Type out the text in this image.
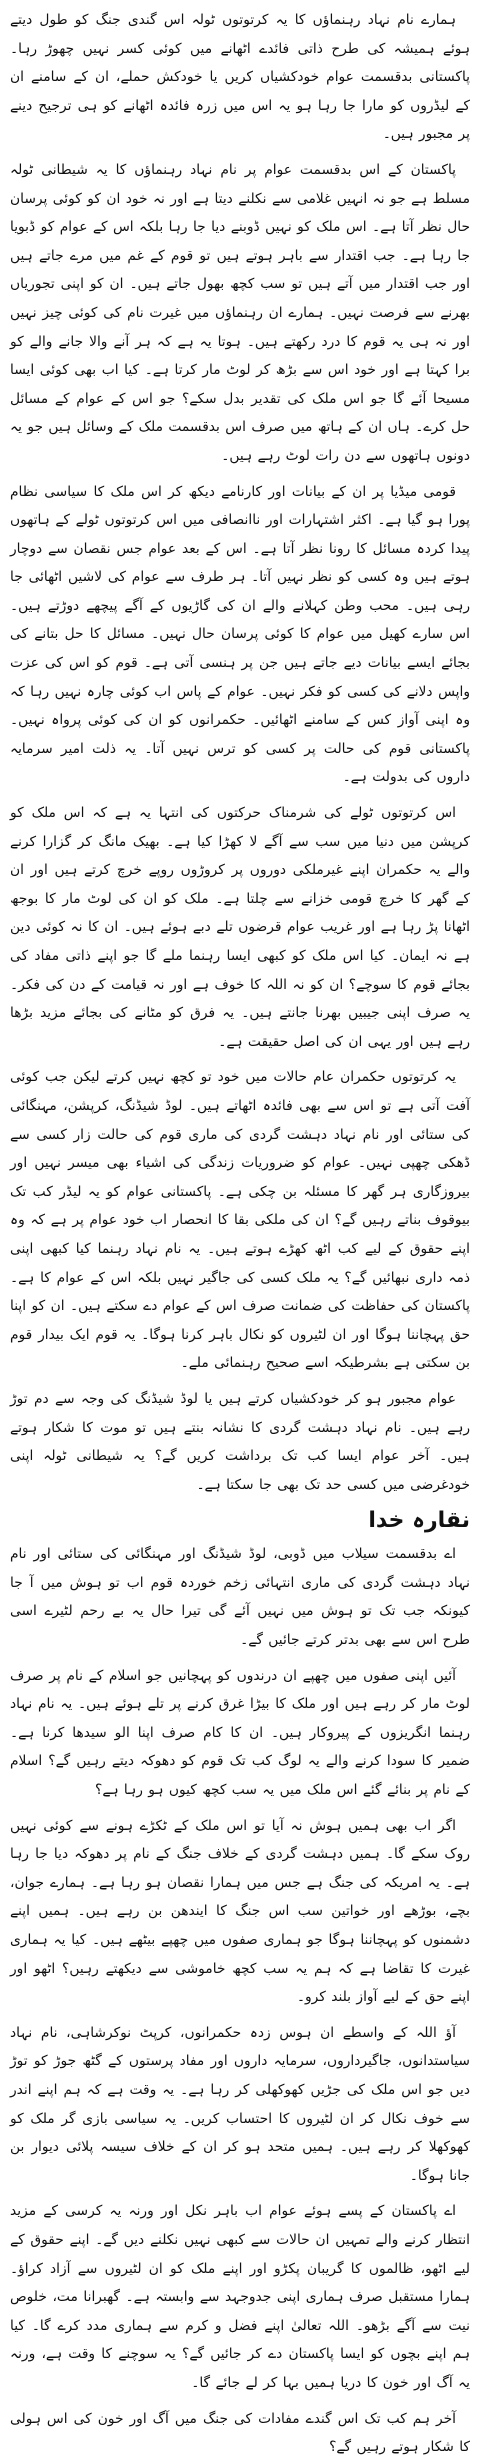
ہمارے نام نہاد رہنماؤں کا یہ کرتوتوں ٹولہ اس گندی جنگ کو طول دیتے ہوئے ہمیشہ کی طرح ذاتی فائدے اٹھانے میں کوئی کسر نہیں چھوڑ رہا۔ پاکستانی بدقسمت عوام خودکشیاں کریں یا خودکش حملے، ان کے سامنے ان کے لیڈروں کو مارا جا رہا ہو یہ اس میں زرہ فائدہ اٹھانے کو ہی ترجیح دینے پر مجبور ہیں۔

پاکستان کے اس بدقسمت عوام پر نام نہاد رہنماؤں کا یہ شیطانی ٹولہ مسلط ہے جو نہ انہیں غلامی سے نکلنے دیتا ہے اور نہ خود ان کو کوئی پرسان حال نظر آتا ہے۔ اس ملک کو نہیں ڈوبنے دیا جا رہا بلکہ اس کے عوام کو ڈبویا جا رہا ہے۔ جب اقتدار سے باہر ہوتے ہیں تو قوم کے غم میں مرے جاتے ہیں اور جب اقتدار میں آتے ہیں تو سب کچھ بھول جاتے ہیں۔ ان کو اپنی تجوریاں بھرنے سے فرصت نہیں۔ ہمارے ان رہنماؤں میں غیرت نام کی کوئی چیز نہیں اور نہ ہی یہ قوم کا درد رکھتے ہیں۔ ہوتا یہ ہے کہ ہر آنے والا جانے والے کو برا کہتا ہے اور خود اس سے بڑھ کر لوٹ مار کرتا ہے۔ کیا اب بھی کوئی ایسا مسیحا آئے گا جو اس ملک کی تقدیر بدل سکے؟ جو اس کے عوام کے مسائل حل کرے۔ ہاں ان کے ہاتھ میں صرف اس بدقسمت ملک کے وسائل ہیں جو یہ دونوں ہاتھوں سے دن رات لوٹ رہے ہیں۔

قومی میڈیا پر ان کے بیانات اور کارنامے دیکھ کر اس ملک کا سیاسی نظام پورا ہو گیا ہے۔ اکثر اشتہارات اور ناانصافی میں اس کرتوتوں ٹولے کے ہاتھوں پیدا کردہ مسائل کا رونا نظر آتا ہے۔ اس کے بعد عوام جس نقصان سے دوچار ہوتے ہیں وہ کسی کو نظر نہیں آتا۔ ہر طرف سے عوام کی لاشیں اٹھائی جا رہی ہیں۔ محب وطن کہلانے والے ان کی گاڑیوں کے آگے پیچھے دوڑتے ہیں۔ اس سارے کھیل میں عوام کا کوئی پرسان حال نہیں۔ مسائل کا حل بتانے کی بجائے ایسے بیانات دیے جاتے ہیں جن پر ہنسی آتی ہے۔ قوم کو اس کی عزت واپس دلانے کی کسی کو فکر نہیں۔ عوام کے پاس اب کوئی چارہ نہیں رہا کہ وہ اپنی آواز کس کے سامنے اٹھائیں۔ حکمرانوں کو ان کی کوئی پرواہ نہیں۔ پاکستانی قوم کی حالت پر کسی کو ترس نہیں آتا۔ یہ ذلت امیر سرمایہ داروں کی بدولت ہے۔

اس کرتوتوں ٹولے کی شرمناک حرکتوں کی انتہا یہ ہے کہ اس ملک کو کرپشن میں دنیا میں سب سے آگے لا کھڑا کیا ہے۔ بھیک مانگ کر گزارا کرنے والے یہ حکمران اپنے غیرملکی دوروں پر کروڑوں روپے خرچ کرتے ہیں اور ان کے گھر کا خرچ قومی خزانے سے چلتا ہے۔ ملک کو ان کی لوٹ مار کا بوجھ اٹھانا پڑ رہا ہے اور غریب عوام قرضوں تلے دبے ہوئے ہیں۔ ان کا نہ کوئی دین ہے نہ ایمان۔ کیا اس ملک کو کبھی ایسا رہنما ملے گا جو اپنے ذاتی مفاد کی بجائے قوم کا سوچے؟ ان کو نہ اللہ کا خوف ہے اور نہ قیامت کے دن کی فکر۔ یہ صرف اپنی جیبیں بھرنا جانتے ہیں۔ یہ فرق کو مٹانے کی بجائے مزید بڑھا رہے ہیں اور یہی ان کی اصل حقیقت ہے۔

یہ کرتوتوں حکمران عام حالات میں خود تو کچھ نہیں کرتے لیکن جب کوئی آفت آتی ہے تو اس سے بھی فائدہ اٹھاتے ہیں۔ لوڈ شیڈنگ، کرپشن، مہنگائی کی ستائی اور نام نہاد دہشت گردی کی ماری قوم کی حالت زار کسی سے ڈھکی چھپی نہیں۔ عوام کو ضروریات زندگی کی اشیاء بھی میسر نہیں اور بیروزگاری ہر گھر کا مسئلہ بن چکی ہے۔ پاکستانی عوام کو یہ لیڈر کب تک بیوقوف بناتے رہیں گے؟ ان کی ملکی بقا کا انحصار اب خود عوام پر ہے کہ وہ اپنے حقوق کے لیے کب اٹھ کھڑے ہوتے ہیں۔ یہ نام نہاد رہنما کیا کبھی اپنی ذمہ داری نبھائیں گے؟ یہ ملک کسی کی جاگیر نہیں بلکہ اس کے عوام کا ہے۔ پاکستان کی حفاظت کی ضمانت صرف اس کے عوام دے سکتے ہیں۔ ان کو اپنا حق پہچاننا ہوگا اور ان لٹیروں کو نکال باہر کرنا ہوگا۔ یہ قوم ایک بیدار قوم بن سکتی ہے بشرطیکہ اسے صحیح رہنمائی ملے۔

عوام مجبور ہو کر خودکشیاں کرتے ہیں یا لوڈ شیڈنگ کی وجہ سے دم توڑ رہے ہیں۔ نام نہاد دہشت گردی کا نشانہ بنتے ہیں تو موت کا شکار ہوتے ہیں۔ آخر عوام ایسا کب تک برداشت کریں گے؟ یہ شیطانی ٹولہ اپنی خودغرضی میں کسی حد تک بھی جا سکتا ہے۔

نقارہ خدا

اے بدقسمت سیلاب میں ڈوبی، لوڈ شیڈنگ اور مہنگائی کی ستائی اور نام نہاد دہشت گردی کی ماری انتہائی زخم خوردہ قوم اب تو ہوش میں آ جا کیونکہ جب تک تو ہوش میں نہیں آئے گی تیرا حال یہ بے رحم لٹیرے اسی طرح اس سے بھی بدتر کرتے جائیں گے۔

آئیں اپنی صفوں میں چھپے ان درندوں کو پہچانیں جو اسلام کے نام پر صرف لوٹ مار کر رہے ہیں اور ملک کا بیڑا غرق کرنے پر تلے ہوئے ہیں۔ یہ نام نہاد رہنما انگریزوں کے پیروکار ہیں۔ ان کا کام صرف اپنا الو سیدھا کرنا ہے۔ ضمیر کا سودا کرنے والے یہ لوگ کب تک قوم کو دھوکہ دیتے رہیں گے؟ اسلام کے نام پر بنائے گئے اس ملک میں یہ سب کچھ کیوں ہو رہا ہے؟

اگر اب بھی ہمیں ہوش نہ آیا تو اس ملک کے ٹکڑے ہونے سے کوئی نہیں روک سکے گا۔ ہمیں دہشت گردی کے خلاف جنگ کے نام پر دھوکہ دیا جا رہا ہے۔ یہ امریکہ کی جنگ ہے جس میں ہمارا نقصان ہو رہا ہے۔ ہمارے جوان، بچے، بوڑھے اور خواتین سب اس جنگ کا ایندھن بن رہے ہیں۔ ہمیں اپنے دشمنوں کو پہچاننا ہوگا جو ہماری صفوں میں چھپے بیٹھے ہیں۔ کیا یہ ہماری غیرت کا تقاضا ہے کہ ہم یہ سب کچھ خاموشی سے دیکھتے رہیں؟ اٹھو اور اپنے حق کے لیے آواز بلند کرو۔

آؤ اللہ کے واسطے ان ہوس زدہ حکمرانوں، کرپٹ نوکرشاہی، نام نہاد سیاستدانوں، جاگیرداروں، سرمایہ داروں اور مفاد پرستوں کے گٹھ جوڑ کو توڑ دیں جو اس ملک کی جڑیں کھوکھلی کر رہا ہے۔ یہ وقت ہے کہ ہم اپنے اندر سے خوف نکال کر ان لٹیروں کا احتساب کریں۔ یہ سیاسی بازی گر ملک کو کھوکھلا کر رہے ہیں۔ ہمیں متحد ہو کر ان کے خلاف سیسہ پلائی دیوار بن جانا ہوگا۔

اے پاکستان کے پسے ہوئے عوام اب باہر نکل اور ورنہ یہ کرسی کے مزید انتظار کرنے والے تمہیں ان حالات سے کبھی نہیں نکلنے دیں گے۔ اپنے حقوق کے لیے اٹھو، ظالموں کا گریبان پکڑو اور اپنے ملک کو ان لٹیروں سے آزاد کراؤ۔ ہمارا مستقبل صرف ہماری اپنی جدوجہد سے وابستہ ہے۔ گھبرانا مت، خلوص نیت سے آگے بڑھو۔ اللہ تعالیٰ اپنے فضل و کرم سے ہماری مدد کرے گا۔ کیا ہم اپنے بچوں کو ایسا پاکستان دے کر جائیں گے؟ یہ سوچنے کا وقت ہے، ورنہ یہ آگ اور خون کا دریا ہمیں بہا کر لے جائے گا۔

آخر ہم کب تک اس گندے مفادات کی جنگ میں آگ اور خون کی اس ہولی کا شکار ہوتے رہیں گے؟
